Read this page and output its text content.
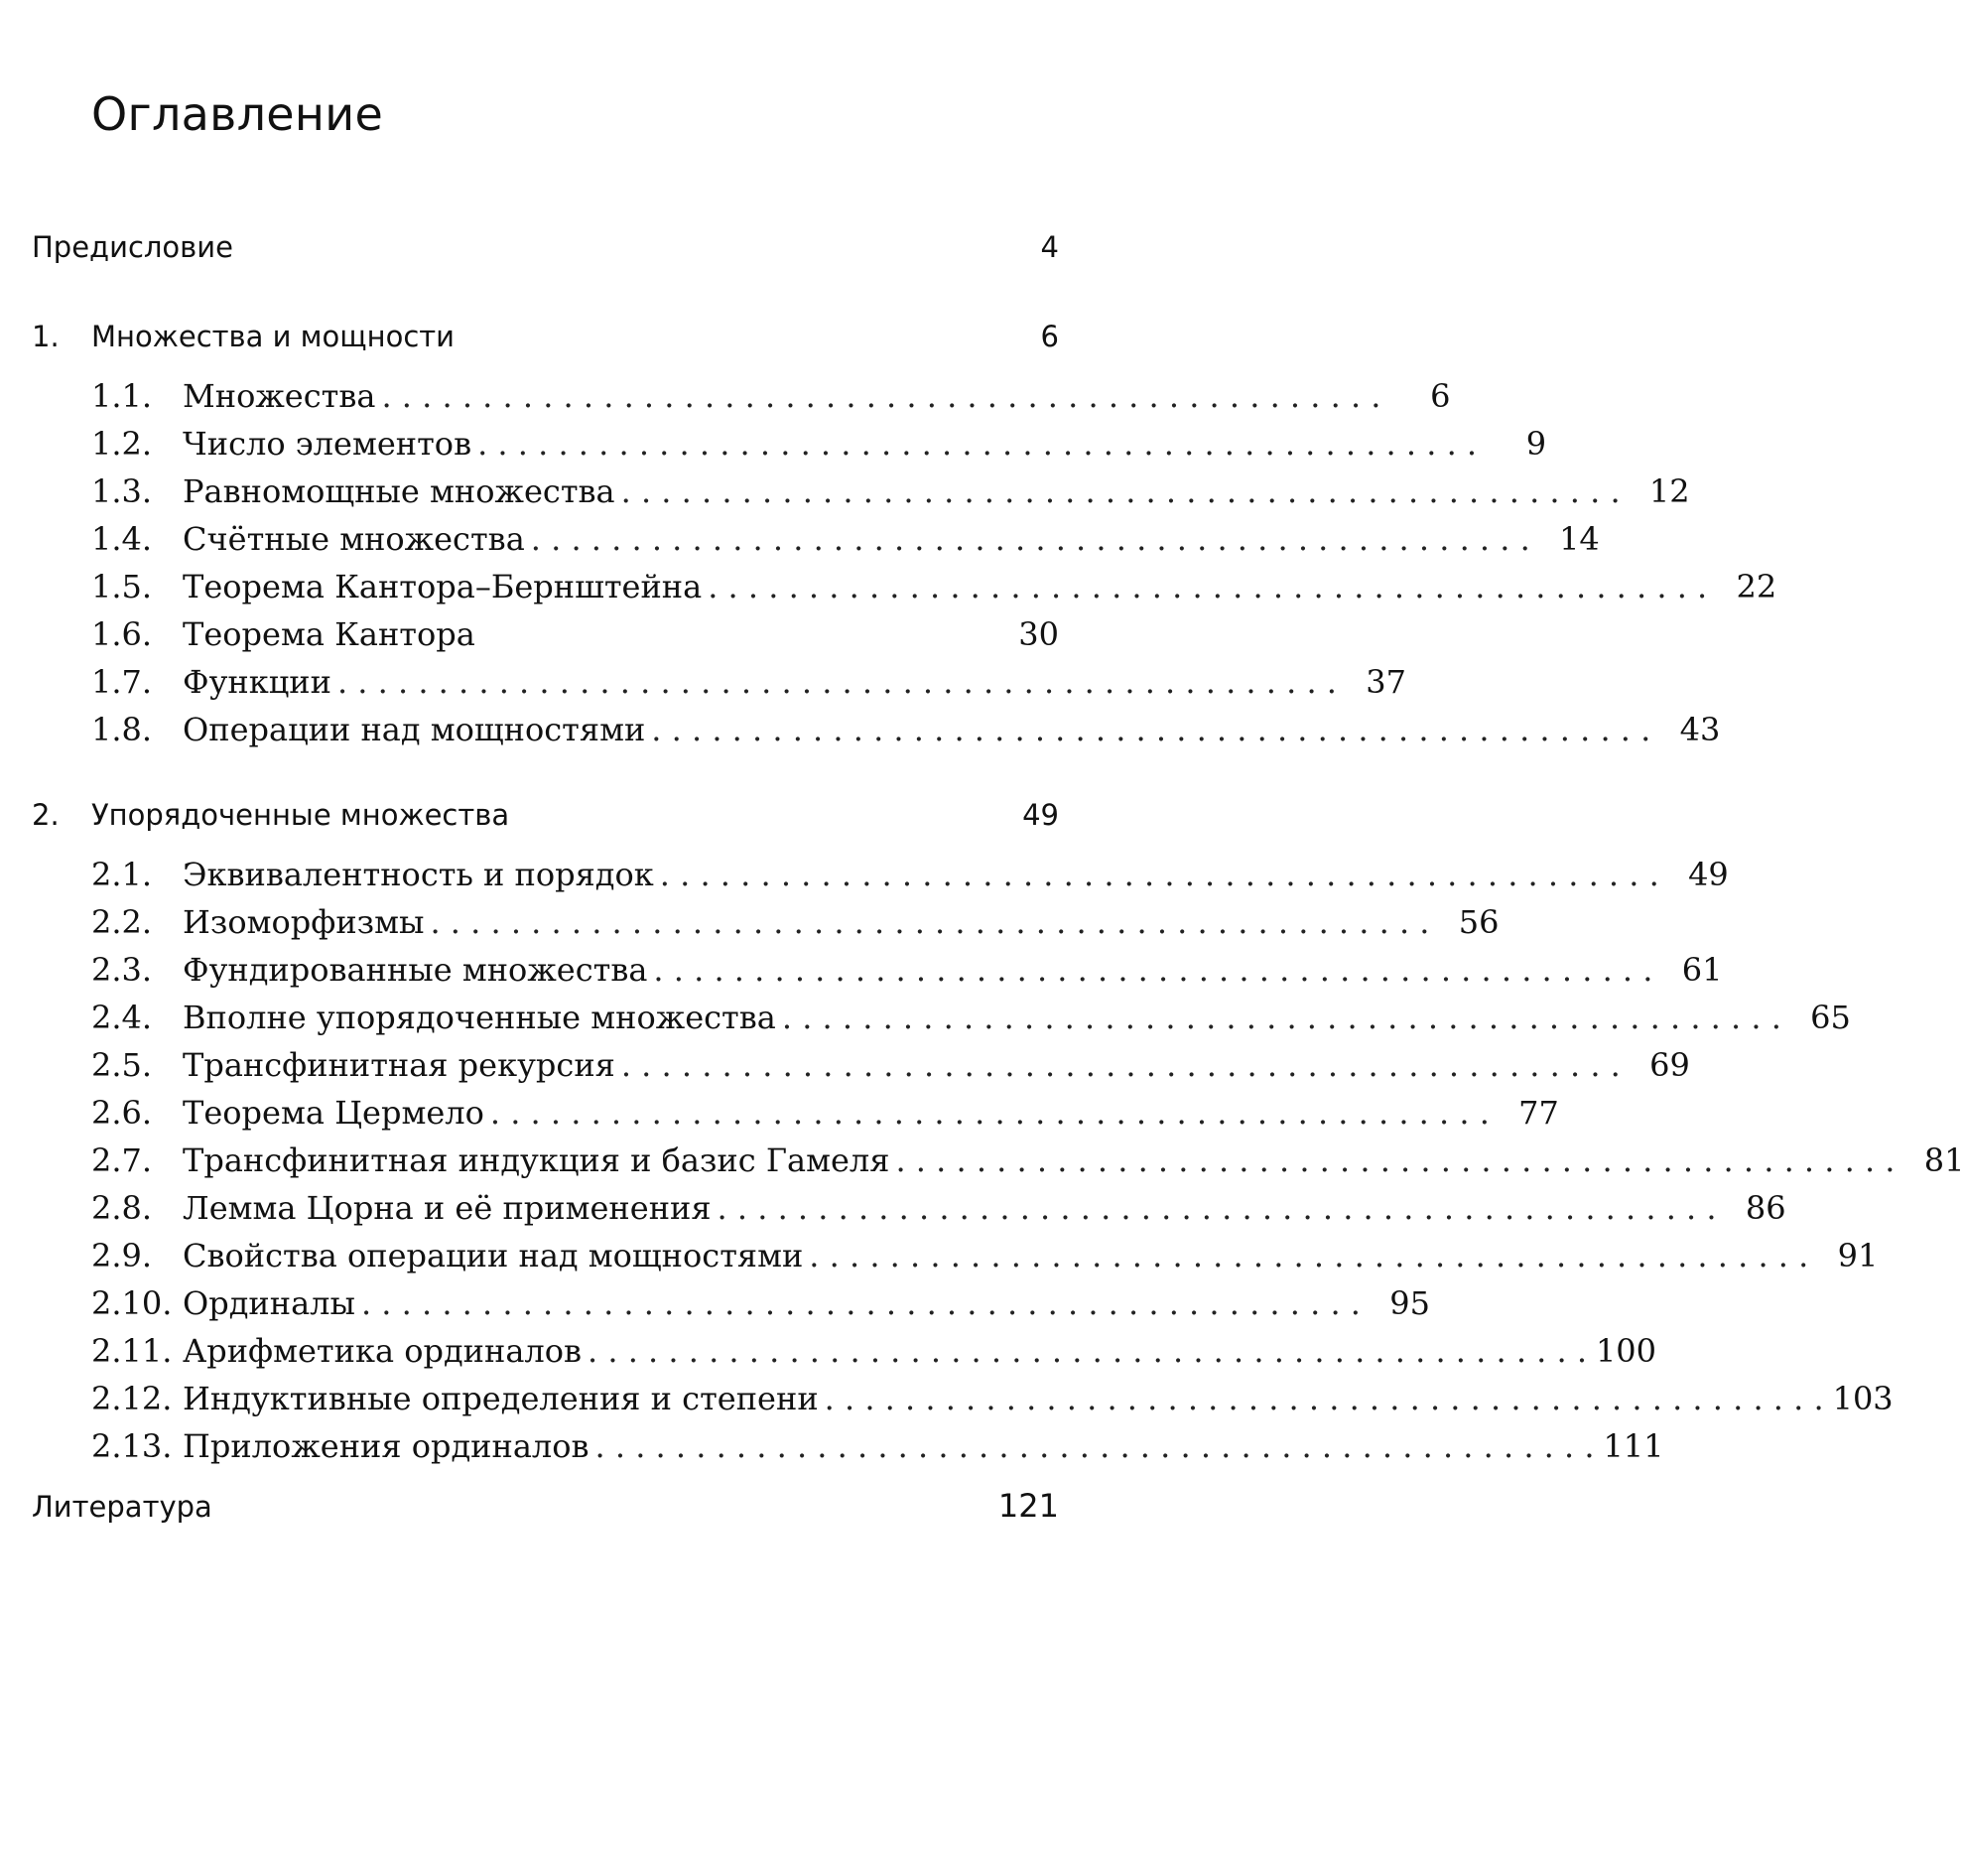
Оглавление
Предисловие	4
1.	Множества и мощности	6
1.1. Множества . . . . . . . . . . . . . . . . . . . . . . . . . . . . . . . . . . . . . . . . . . . . . . . . . .	6
1.2. Число элементов . . . . . . . . . . . . . . . . . . . . . . . . . . . . . . . . . . . . . . . . . . . . . . . . . .	9
1.3. Равномощные множества . . . . . . . . . . . . . . . . . . . . . . . . . . . . . . . . . . . . . . . . . . . . . . . . . . 12
1.4. Счётные множества . . . . . . . . . . . . . . . . . . . . . . . . . . . . . . . . . . . . . . . . . . . . . . . . . . 14
1.5. Теорема Кантора–Бернштейна . . . . . . . . . . . . . . . . . . . . . . . . . . . . . . . . . . . . . . . . . . . . . . . . . . 22
1.6. Теорема Кантора	30
1.7. Функции . . . . . . . . . . . . . . . . . . . . . . . . . . . . . . . . . . . . . . . . . . . . . . . . . . 37
1.8. Операции над мощностями . . . . . . . . . . . . . . . . . . . . . . . . . . . . . . . . . . . . . . . . . . . . . . . . . . 43
2.	Упорядоченные множества	49
2.1. Эквивалентность и порядок . . . . . . . . . . . . . . . . . . . . . . . . . . . . . . . . . . . . . . . . . . . . . . . . . . 49
2.2. Изоморфизмы . . . . . . . . . . . . . . . . . . . . . . . . . . . . . . . . . . . . . . . . . . . . . . . . . . 56
2.3. Фундированные множества . . . . . . . . . . . . . . . . . . . . . . . . . . . . . . . . . . . . . . . . . . . . . . . . . . 61
2.4. Вполне упорядоченные множества . . . . . . . . . . . . . . . . . . . . . . . . . . . . . . . . . . . . . . . . . . . . . . . . . . 65
2.5. Трансфинитная рекурсия . . . . . . . . . . . . . . . . . . . . . . . . . . . . . . . . . . . . . . . . . . . . . . . . . . 69
2.6. Теорема Цермело . . . . . . . . . . . . . . . . . . . . . . . . . . . . . . . . . . . . . . . . . . . . . . . . . . 77
2.7. Трансфинитная индукция и базис Гамеля . . . . . . . . . . . . . . . . . . . . . . . . . . . . . . . . . . . . . . . . . . . . . . . . . . 81
2.8. Лемма Цорна и её применения . . . . . . . . . . . . . . . . . . . . . . . . . . . . . . . . . . . . . . . . . . . . . . . . . . 86
2.9. Свойства операции над мощностями . . . . . . . . . . . . . . . . . . . . . . . . . . . . . . . . . . . . . . . . . . . . . . . . . . 91
2.10. Ординалы . . . . . . . . . . . . . . . . . . . . . . . . . . . . . . . . . . . . . . . . . . . . . . . . . . 95
2.11. Арифметика ординалов . . . . . . . . . . . . . . . . . . . . . . . . . . . . . . . . . . . . . . . . . . . . . . . . . . 100
2.12. Индуктивные определения и степени . . . . . . . . . . . . . . . . . . . . . . . . . . . . . . . . . . . . . . . . . . . . . . . . . . 103
2.13. Приложения ординалов . . . . . . . . . . . . . . . . . . . . . . . . . . . . . . . . . . . . . . . . . . . . . . . . . . 111
Литература	121
